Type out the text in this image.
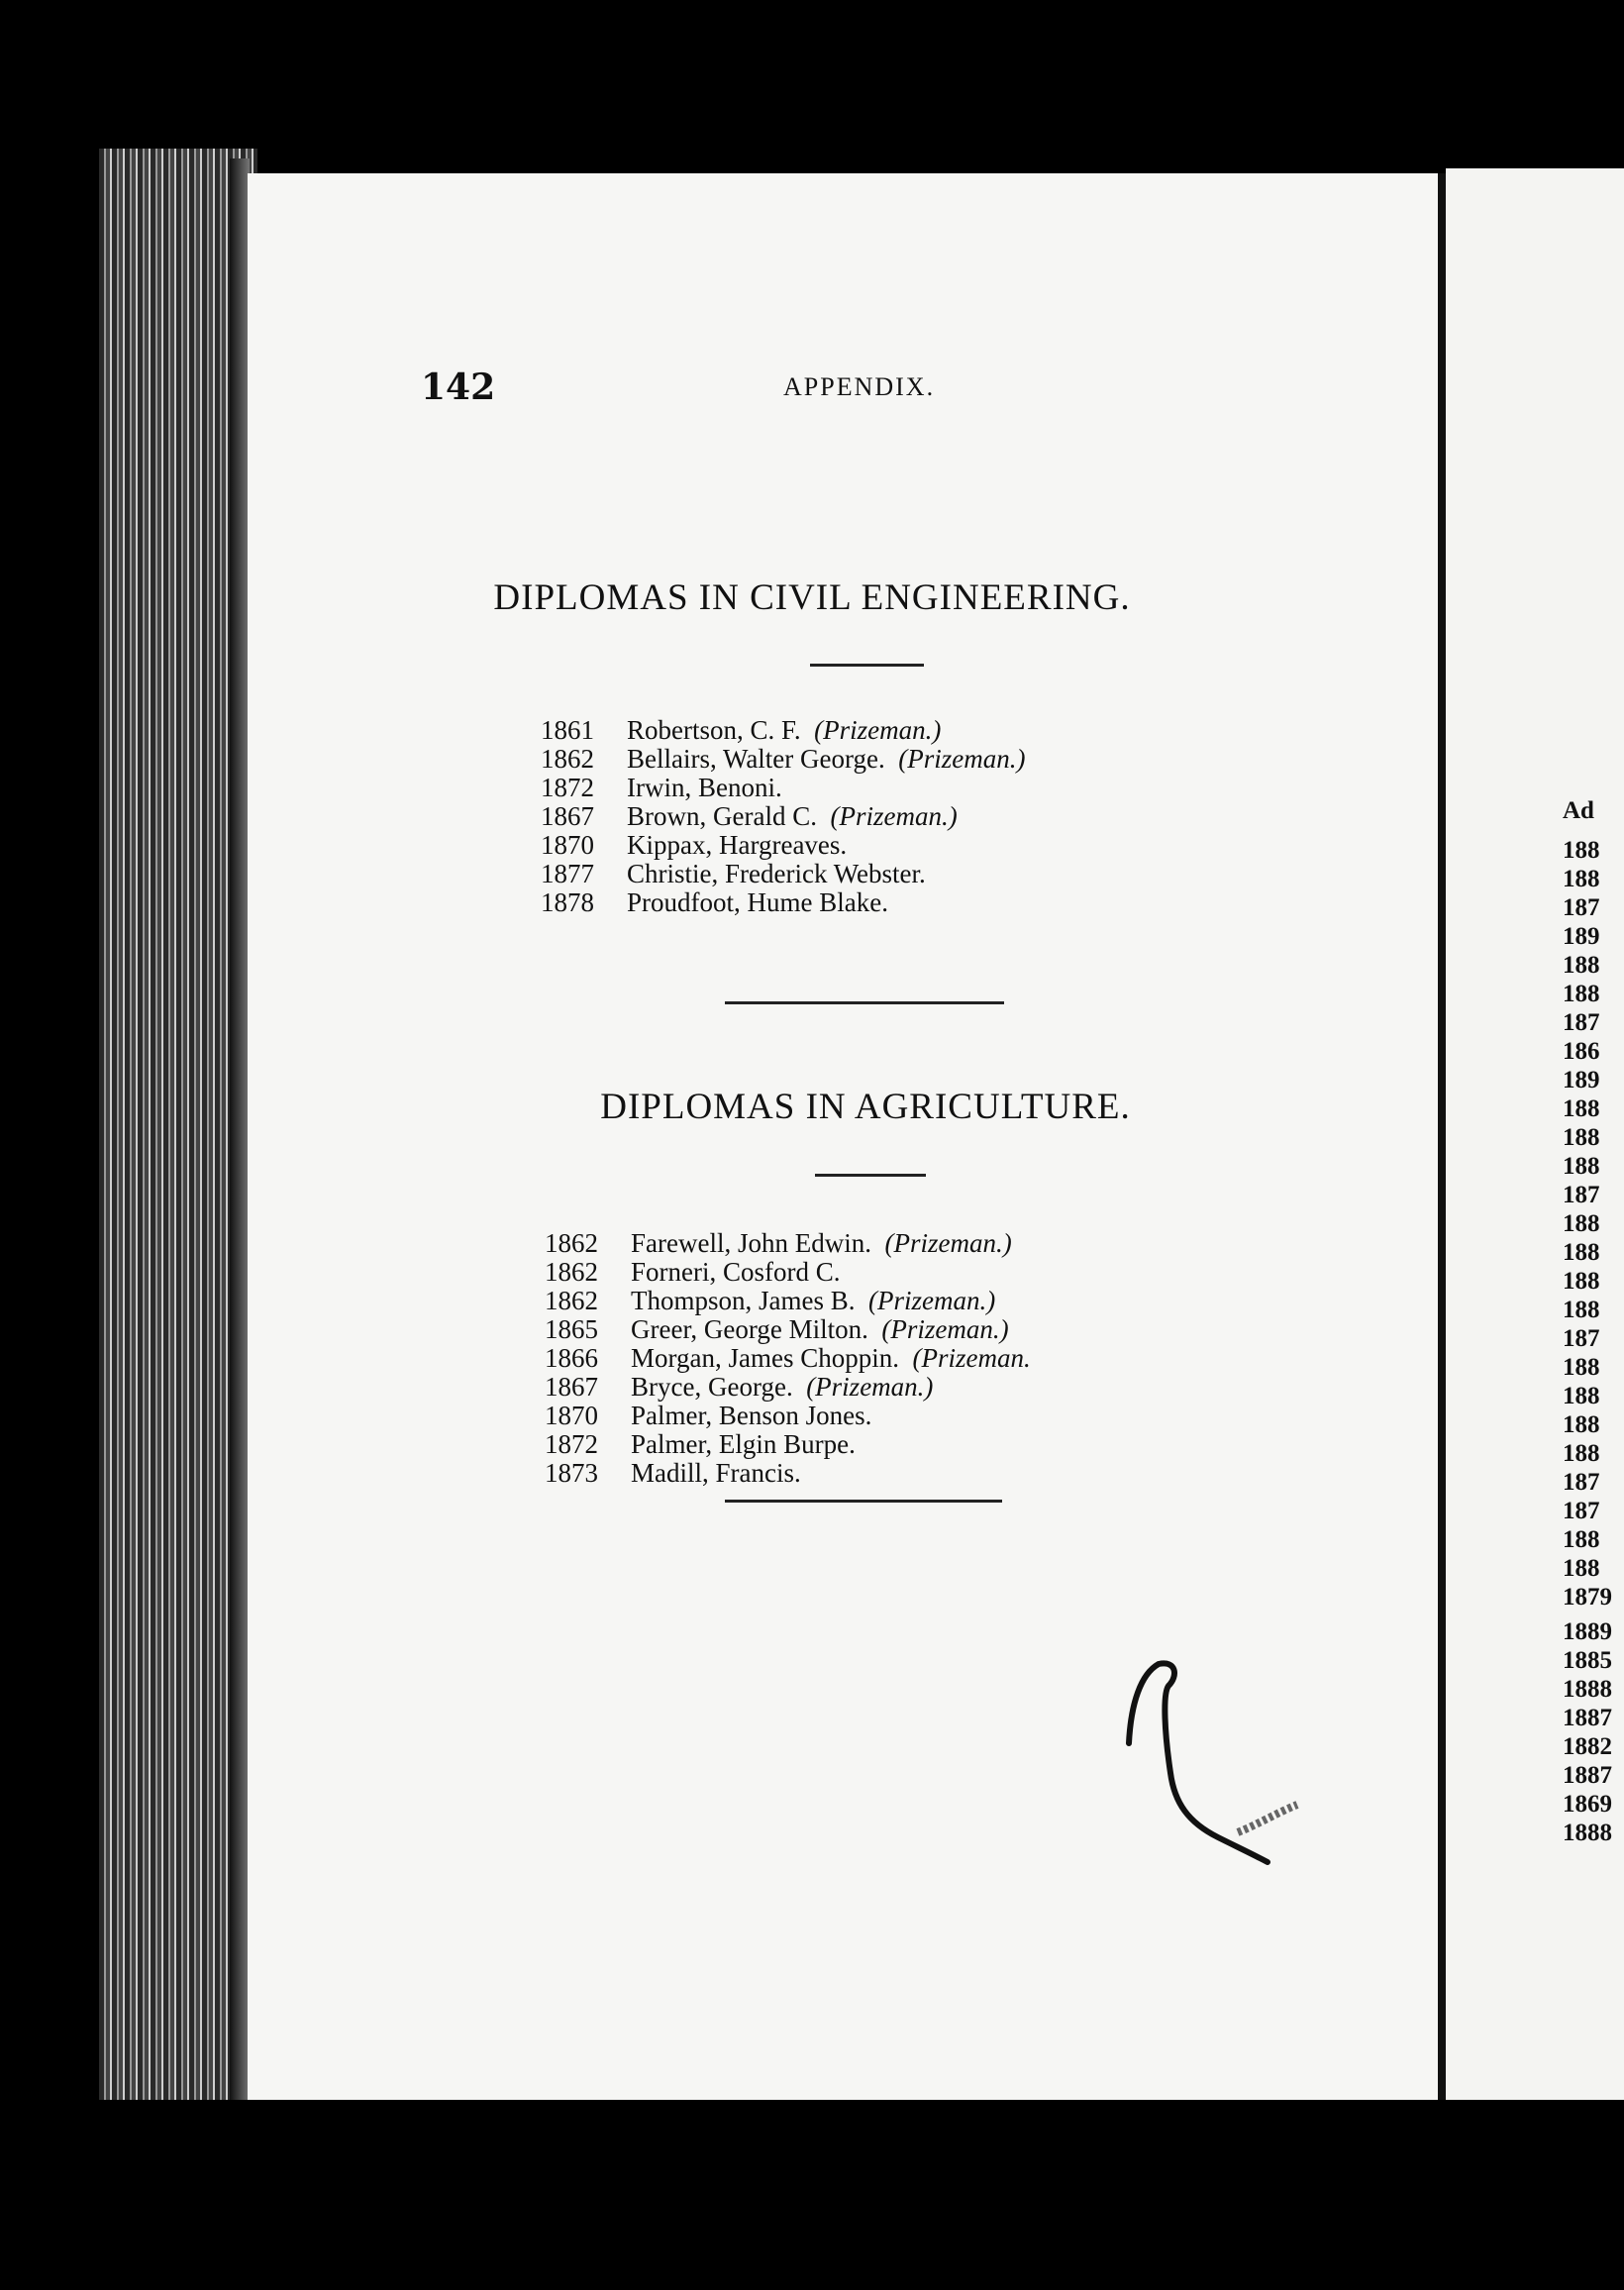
142	APPENDIX.
DIPLOMAS IN CIVIL ENGINEERING.
1861 Robertson, C. F. (Prizeman.)
1862 Bellairs, Walter George. (Prizeman.)
1872 Irwin, Benoni.
1867 Brown, Gerald C. (Prizeman.)
1870 Kippax, Hargreaves.
1877 Christie, Frederick Webster.
1878 Proudfoot, Hume Blake.
DIPLOMAS IN AGRICULTURE.
1862 Farewell, John Edwin. (Prizeman.)
1862 Forneri, Cosford C.
1862 Thompson, James B. (Prizeman.)
1865 Greer, George Milton. (Prizeman.)
1866 Morgan, James Choppin. (Prizeman.
1867 Bryce, George. (Prizeman.)
1870 Palmer, Benson Jones.
1872 Palmer, Elgin Burpe.
1873 Madill, Francis.
Ad
188
188
187
189
188
188
187
186
189
188
188
188
187
188
188
188
188
187
188
188
188
188
187
187
188
188
1879
1889
1885
1888
1887
1882
1887
1869
1888
